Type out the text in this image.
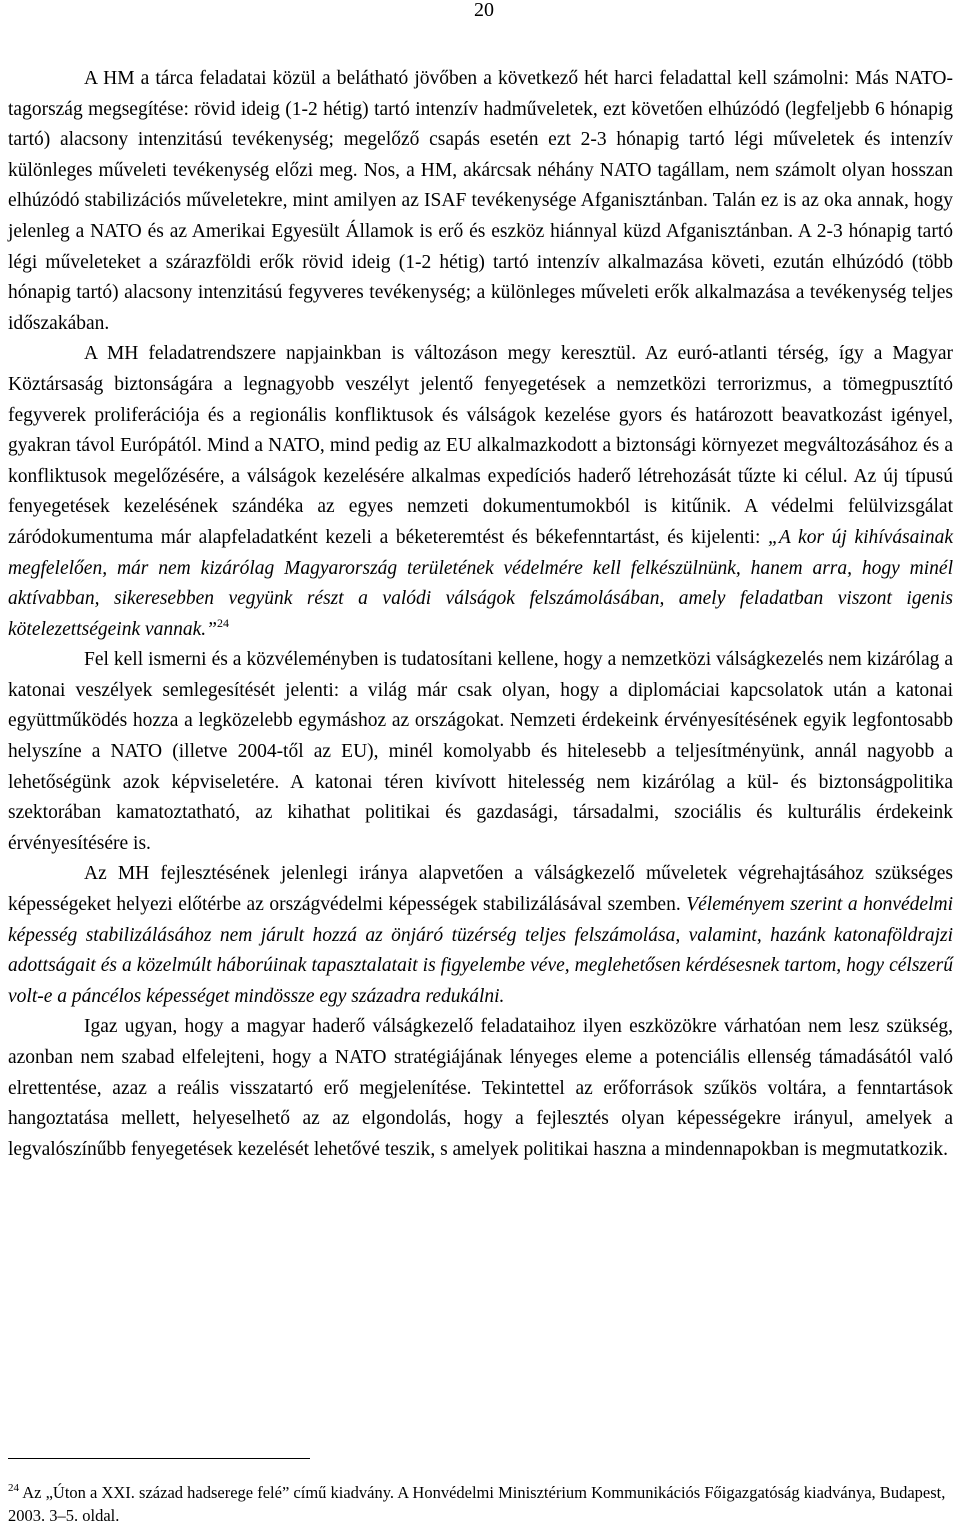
20

A HM a tárca feladatai közül a belátható jövőben a következő hét harci feladattal kell számolni: Más NATO-tagország megsegítése: rövid ideig (1-2 hétig) tartó intenzív hadműveletek, ezt követően elhúzódó (legfeljebb 6 hónapig tartó) alacsony intenzitású tevékenység; megelőző csapás esetén ezt 2-3 hónapig tartó légi műveletek és intenzív különleges műveleti tevékenység előzi meg. Nos, a HM, akárcsak néhány NATO tagállam, nem számolt olyan hosszan elhúzódó stabilizációs műveletekre, mint amilyen az ISAF tevékenysége Afganisztánban. Talán ez is az oka annak, hogy jelenleg a NATO és az Amerikai Egyesült Államok is erő és eszköz hiánnyal küzd Afganisztánban. A 2-3 hónapig tartó légi műveleteket a szárazföldi erők rövid ideig (1-2 hétig) tartó intenzív alkalmazása követi, ezután elhúzódó (több hónapig tartó) alacsony intenzitású fegyveres tevékenység; a különleges műveleti erők alkalmazása a tevékenység teljes időszakában.

A MH feladatrendszere napjainkban is változáson megy keresztül. Az euró-atlanti térség, így a Magyar Köztársaság biztonságára a legnagyobb veszélyt jelentő fenyegetések a nemzetközi terrorizmus, a tömegpusztító fegyverek proliferációja és a regionális konfliktusok és válságok kezelése gyors és határozott beavatkozást igényel, gyakran távol Európától. Mind a NATO, mind pedig az EU alkalmazkodott a biztonsági környezet megváltozásához és a konfliktusok megelőzésére, a válságok kezelésére alkalmas expedíciós haderő létrehozását tűzte ki célul. Az új típusú fenyegetések kezelésének szándéka az egyes nemzeti dokumentumokból is kitűnik. A védelmi felülvizsgálat záródokumentuma már alapfeladatként kezeli a béketeremtést és békefenntartást, és kijelenti: „A kor új kihívásainak megfelelően, már nem kizárólag Magyarország területének védelmére kell felkészülnünk, hanem arra, hogy minél aktívabban, sikeresebben vegyünk részt a valódi válságok felszámolásában, amely feladatban viszont igenis kötelezettségeink vannak.”$^{24}$

Fel kell ismerni és a közvéleményben is tudatosítani kellene, hogy a nemzetközi válságkezelés nem kizárólag a katonai veszélyek semlegesítését jelenti: a világ már csak olyan, hogy a diplomáciai kapcsolatok után a katonai együttműködés hozza a legközelebb egymáshoz az országokat. Nemzeti érdekeink érvényesítésének egyik legfontosabb helyszíne a NATO (illetve 2004-től az EU), minél komolyabb és hitelesebb a teljesítményünk, annál nagyobb a lehetőségünk azok képviseletére. A katonai téren kivívott hitelesség nem kizárólag a kül- és biztonságpolitika szektorában kamatoztatható, az kihathat politikai és gazdasági, társadalmi, szociális és kulturális érdekeink érvényesítésére is.

Az MH fejlesztésének jelenlegi iránya alapvetően a válságkezelő műveletek végrehajtásához szükséges képességeket helyezi előtérbe az országvédelmi képességek stabilizálásával szemben. Véleményem szerint a honvédelmi képesség stabilizálásához nem járult hozzá az önjáró tüzérség teljes felszámolása, valamint, hazánk katonaföldrajzi adottságait és a közelmúlt háborúinak tapasztalatait is figyelembe véve, meglehetősen kérdésesnek tartom, hogy célszerű volt-e a páncélos képességet mindössze egy századra redukálni.

Igaz ugyan, hogy a magyar haderő válságkezelő feladataihoz ilyen eszközökre várhatóan nem lesz szükség, azonban nem szabad elfelejteni, hogy a NATO stratégiájának lényeges eleme a potenciális ellenség támadásától való elrettentése, azaz a reális visszatartó erő megjelenítése. Tekintettel az erőforrások szűkös voltára, a fenntartások hangoztatása mellett, helyeselhető az az elgondolás, hogy a fejlesztés olyan képességekre irányul, amelyek a legvalószínűbb fenyegetések kezelését lehetővé teszik, s amelyek politikai haszna a mindennapokban is megmutatkozik.

$^{24}$ Az „Úton a XXI. század hadserege felé” című kiadvány. A Honvédelmi Minisztérium Kommunikációs Főigazgatóság kiadványa, Budapest, 2003. 3–5. oldal.
